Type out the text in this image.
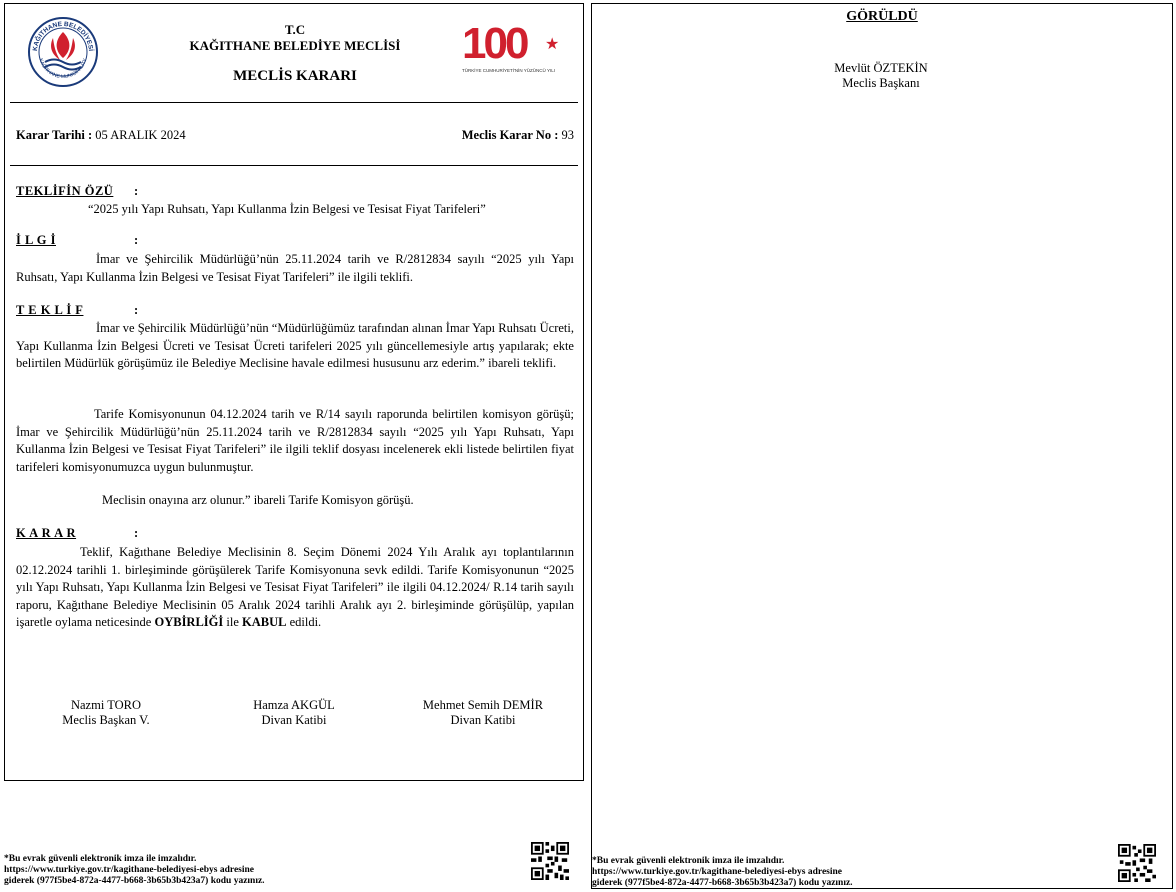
KAĞITHANE BELEDİYESİ
KAĞITHANE MUNICIPALITY
T.C
KAĞITHANE BELEDİYE MECLİSİ
MECLİS KARARI
100	★
TÜRKİYE CUMHURİYETİ'NİN YÜZÜNCÜ YILI
Karar Tarihi : 05 ARALIK 2024	Meclis Karar No : 93
TEKLİFİN ÖZÜ :
“2025 yılı Yapı Ruhsatı, Yapı Kullanma İzin Belgesi ve Tesisat Fiyat Tarifeleri”
İ L G İ	:
İmar ve Şehircilik Müdürlüğü’nün 25.11.2024 tarih ve R/2812834 sayılı “2025 yılı Yapı Ruhsatı, Yapı Kullanma İzin Belgesi ve Tesisat Fiyat Tarifeleri” ile ilgili teklifi.
T E K L İ F	:
İmar ve Şehircilik Müdürlüğü’nün “Müdürlüğümüz tarafından alınan İmar Yapı Ruhsatı Ücreti, Yapı Kullanma İzin Belgesi Ücreti ve Tesisat Ücreti tarifeleri 2025 yılı güncellemesiyle artış yapılarak; ekte belirtilen Müdürlük görüşümüz ile Belediye Meclisine havale edilmesi hususunu arz ederim.” ibareli teklifi.
Tarife Komisyonunun 04.12.2024 tarih ve R/14 sayılı raporunda belirtilen komisyon görüşü; İmar ve Şehircilik Müdürlüğü’nün 25.11.2024 tarih ve R/2812834 sayılı “2025 yılı Yapı Ruhsatı, Yapı Kullanma İzin Belgesi ve Tesisat Fiyat Tarifeleri” ile ilgili teklif dosyası incelenerek ekli listede belirtilen fiyat tarifeleri komisyonumuzca uygun bulunmuştur.
Meclisin onayına arz olunur.” ibareli Tarife Komisyon görüşü.
K A R A R	:
Teklif, Kağıthane Belediye Meclisinin 8. Seçim Dönemi 2024 Yılı Aralık ayı toplantılarının 02.12.2024 tarihli 1. birleşiminde görüşülerek Tarife Komisyonuna sevk edildi. Tarife Komisyonunun “2025 yılı Yapı Ruhsatı, Yapı Kullanma İzin Belgesi ve Tesisat Fiyat Tarifeleri” ile ilgili 04.12.2024/ R.14 tarih sayılı raporu, Kağıthane Belediye Meclisinin 05 Aralık 2024 tarihli Aralık ayı 2. birleşiminde görüşülüp, yapılan işaretle oylama neticesinde OYBİRLİĞİ ile KABUL edildi.
Nazmi TORO
Meclis Başkan V.
Hamza AKGÜL
Divan Katibi
Mehmet Semih DEMİR
Divan Katibi
*Bu evrak güvenli elektronik imza ile imzalıdır.
https://www.turkiye.gov.tr/kagithane-belediyesi-ebys adresine
giderek (977f5be4-872a-4477-b668-3b65b3b423a7) kodu yazınız.
GÖRÜLDÜ
Mevlüt ÖZTEKİN
Meclis Başkanı
*Bu evrak güvenli elektronik imza ile imzalıdır.
https://www.turkiye.gov.tr/kagithane-belediyesi-ebys adresine
giderek (977f5be4-872a-4477-b668-3b65b3b423a7) kodu yazınız.
